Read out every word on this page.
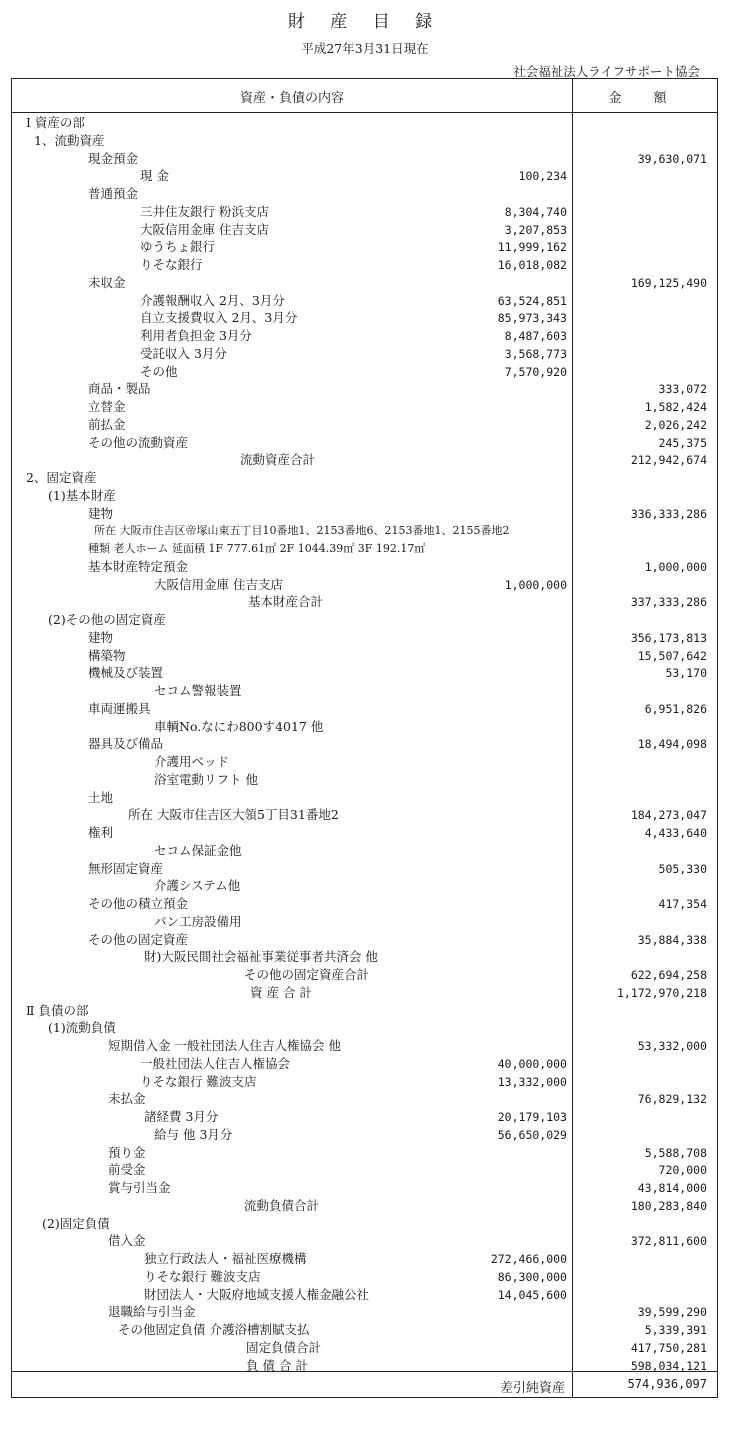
財 産 目 録
平成27年3月31日現在
社会福祉法人ライフサポート協会
資産・負債の内容	金 額
Ⅰ 資産の部
1、流動資産
現金預金	39,630,071
現 金	100,234
普通預金
三井住友銀行 粉浜支店	8,304,740
大阪信用金庫 住吉支店	3,207,853
ゆうちょ銀行	11,999,162
りそな銀行	16,018,082
未収金	169,125,490
介護報酬収入 2月、3月分	63,524,851
自立支援費収入 2月、3月分	85,973,343
利用者負担金 3月分	8,487,603
受託収入 3月分	3,568,773
その他	7,570,920
商品・製品	333,072
立替金	1,582,424
前払金	2,026,242
その他の流動資産	245,375
流動資産合計	212,942,674
2、固定資産
(1)基本財産
建物	336,333,286
所在 大阪市住吉区帝塚山東五丁目10番地1、2153番地6、2153番地1、2155番地2
種類 老人ホーム 延面積 1F 777.61㎡ 2F 1044.39㎡ 3F 192.17㎡
基本財産特定預金	1,000,000
大阪信用金庫 住吉支店	1,000,000
基本財産合計	337,333,286
(2)その他の固定資産
建物	356,173,813
構築物	15,507,642
機械及び装置	53,170
セコム警報装置
車両運搬具	6,951,826
車輌No.なにわ800す4017 他
器具及び備品	18,494,098
介護用ベッド
浴室電動リフト 他
土地
所在 大阪市住吉区大領5丁目31番地2	184,273,047
権利	4,433,640
セコム保証金他
無形固定資産	505,330
介護システム他
その他の積立預金	417,354
パン工房設備用
その他の固定資産	35,884,338
財)大阪民間社会福祉事業従事者共済会 他
その他の固定資産合計	622,694,258
資 産 合 計	1,172,970,218
Ⅱ 負債の部
(1)流動負債
短期借入金 一般社団法人住吉人権協会 他	53,332,000
一般社団法人住吉人権協会	40,000,000
りそな銀行 難波支店	13,332,000
未払金	76,829,132
諸経費 3月分	20,179,103
給与 他 3月分	56,650,029
預り金	5,588,708
前受金	720,000
賞与引当金	43,814,000
流動負債合計	180,283,840
(2)固定負債
借入金	372,811,600
独立行政法人・福祉医療機構	272,466,000
りそな銀行 難波支店	86,300,000
財団法人・大阪府地域支援人権金融公社	14,045,600
退職給与引当金	39,599,290
その他固定負債 介護浴槽割賦支払	5,339,391
固定負債合計	417,750,281
負 債 合 計	598,034,121
差引純資産	574,936,097
